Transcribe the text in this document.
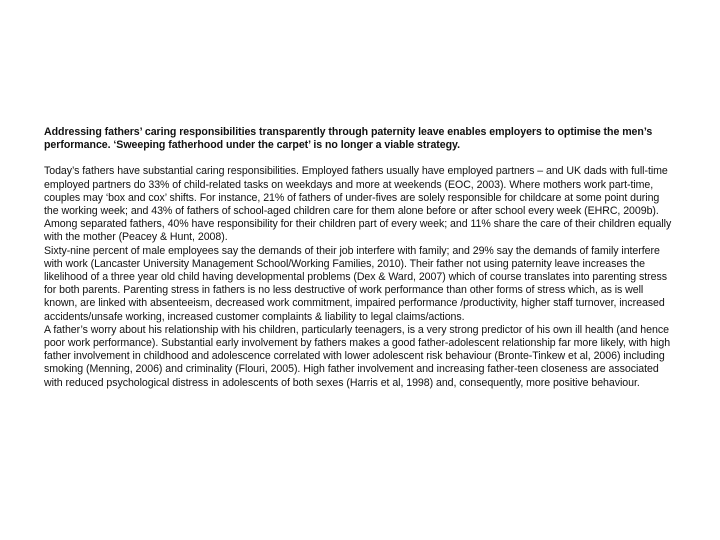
Addressing fathers’ caring responsibilities transparently through paternity leave enables employers to optimise the men’s performance. ‘Sweeping fatherhood under the carpet’ is no longer a viable strategy.

Today’s fathers have substantial caring responsibilities. Employed fathers usually have employed partners – and UK dads with full-time employed partners do 33% of child-related tasks on weekdays and more at weekends (EOC, 2003). Where mothers work part-time, couples may ‘box and cox’ shifts. For instance, 21% of fathers of under-fives are solely responsible for childcare at some point during the working week; and 43% of fathers of school-aged children care for them alone before or after school every week (EHRC, 2009b). Among separated fathers, 40% have responsibility for their children part of every week; and 11% share the care of their children equally with the mother (Peacey & Hunt, 2008).

Sixty-nine percent of male employees say the demands of their job interfere with family; and 29% say the demands of family interfere with work (Lancaster University Management School/Working Families, 2010). Their father not using paternity leave increases the likelihood of a three year old child having developmental problems (Dex & Ward, 2007) which of course translates into parenting stress for both parents. Parenting stress in fathers is no less destructive of work performance than other forms of stress which, as is well known, are linked with absenteeism, decreased work commitment, impaired performance /productivity, higher staff turnover, increased accidents/unsafe working, increased customer complaints & liability to legal claims/actions.

A father’s worry about his relationship with his children, particularly teenagers, is a very strong predictor of his own ill health (and hence poor work performance). Substantial early involvement by fathers makes a good father-adolescent relationship far more likely, with high father involvement in childhood and adolescence correlated with lower adolescent risk behaviour (Bronte-Tinkew et al, 2006) including smoking (Menning, 2006) and criminality (Flouri, 2005). High father involvement and increasing father-teen closeness are associated with reduced psychological distress in adolescents of both sexes (Harris et al, 1998) and, consequently, more positive behaviour.
